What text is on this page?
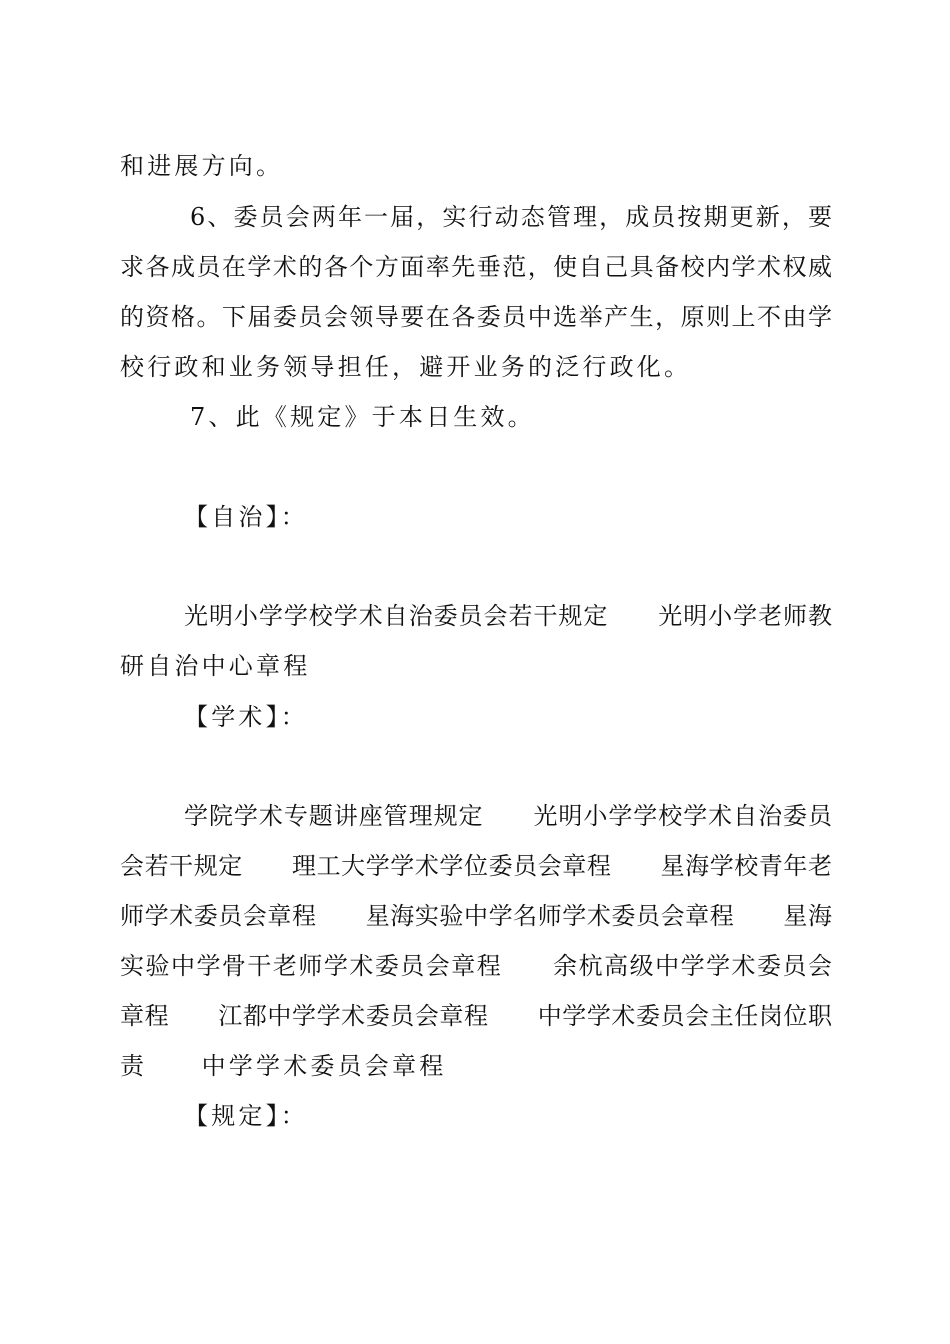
和进展方向。
6、委员会两年一届，实行动态管理，成员按期更新，要
求各成员在学术的各个方面率先垂范，使自己具备校内学术权威
的资格。下届委员会领导要在各委员中选举产生，原则上不由学
校行政和业务领导担任，避开业务的泛行政化。
7、此《规定》于本日生效。
【自治】：
光明小学学校学术自治委员会若干规定　　光明小学老师教
研自治中心章程
【学术】：
学院学术专题讲座管理规定　　光明小学学校学术自治委员
会若干规定　　理工大学学术学位委员会章程　　星海学校青年老
师学术委员会章程　　星海实验中学名师学术委员会章程　　星海
实验中学骨干老师学术委员会章程　　余杭高级中学学术委员会
章程　　江都中学学术委员会章程　　中学学术委员会主任岗位职
责　　中学学术委员会章程
【规定】：
